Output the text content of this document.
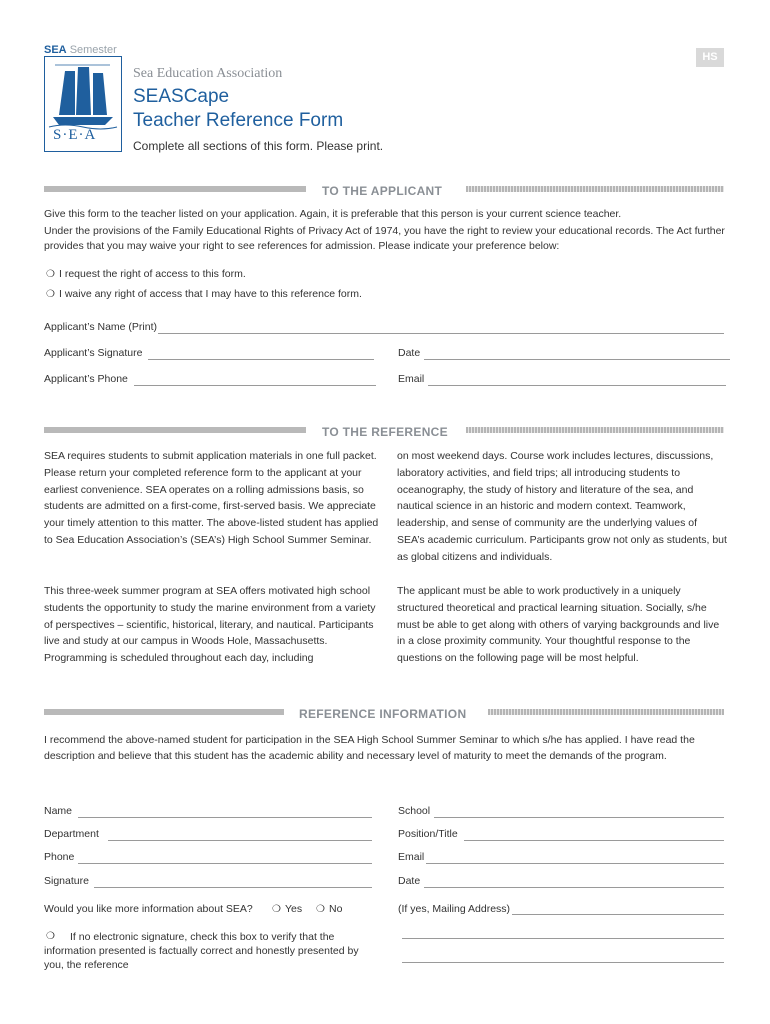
HS
SEA Semester
S·E·A
Sea Education Association
SEASCape
Teacher Reference Form
Complete all sections of this form. Please print.
TO THE APPLICANT
Give this form to the teacher listed on your application. Again, it is preferable that this person is your current science teacher.
Under the provisions of the Family Educational Rights of Privacy Act of 1974, you have the right to review your educational records. The Act further provides that you may waive your right to see references for admission. Please indicate your preference below:
❍ I request the right of access to this form.
❍ I waive any right of access that I may have to this reference form.
Applicant’s Name (Print)
Applicant’s Signature	Date
Applicant’s Phone	Email
TO THE REFERENCE
SEA requires students to submit application materials in one full packet. Please return your completed reference form to the applicant at your earliest convenience. SEA operates on a rolling admissions basis, so students are admitted on a first-come, first-served basis. We appreciate your timely attention to this matter. The above-listed student has applied to Sea Education Association’s (SEA’s) High School Summer Seminar.
This three-week summer program at SEA offers motivated high school students the opportunity to study the marine environment from a variety of perspectives – scientific, historical, literary, and nautical. Participants live and study at our campus in Woods Hole, Massachusetts. Programming is scheduled throughout each day, including
on most weekend days. Course work includes lectures, discussions, laboratory activities, and field trips; all introducing students to oceanography, the study of history and literature of the sea, and nautical science in an historic and modern context. Teamwork, leadership, and sense of community are the underlying values of SEA’s academic curriculum. Participants grow not only as students, but as global citizens and individuals.
The applicant must be able to work productively in a uniquely structured theoretical and practical learning situation. Socially, s/he must be able to get along with others of varying backgrounds and live in a close proximity community. Your thoughtful response to the questions on the following page will be most helpful.
REFERENCE INFORMATION
I recommend the above-named student for participation in the SEA High School Summer Seminar to which s/he has applied. I have read the description and believe that this student has the academic ability and necessary level of maturity to meet the demands of the program.
Name	School
Department	Position/Title
Phone	Email
Signature	Date
Would you like more information about SEA? ❍ Yes ❍ No	(If yes, Mailing Address)
❍	If no electronic signature, check this box to verify that the information presented is factually correct and honestly presented by you, the reference
